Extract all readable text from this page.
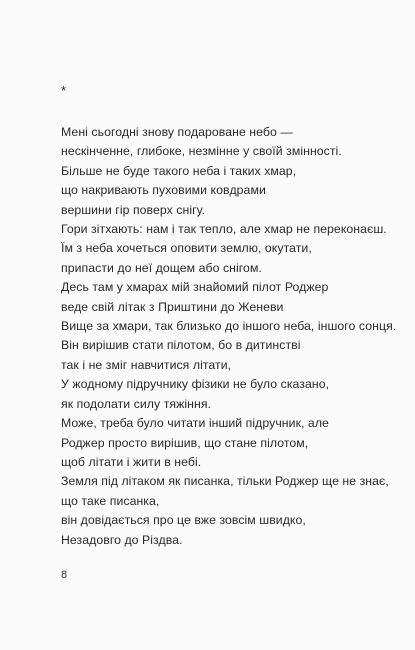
*
Мені сьогодні знову подароване небо —
нескінченне, глибоке, незмінне у своїй змінності.
Більше не буде такого неба і таких хмар,
що накривають пуховими ковдрами
вершини гір поверх снігу.
Гори зітхають: нам і так тепло, але хмар не переконаєш.
Їм з неба хочеться оповити землю, окутати,
припасти до неї дощем або снігом.
Десь там у хмарах мій знайомий пілот Роджер
веде свій літак з Приштини до Женеви
Вище за хмари, так близько до іншого неба, іншого сонця.
Він вирішив стати пілотом, бо в дитинстві
так і не зміг навчитися літати,
У жодному підручнику фізики не було сказано,
як подолати силу тяжіння.
Може, треба було читати інший підручник, але
Роджер просто вирішив, що стане пілотом,
щоб літати і жити в небі.
Земля під літаком як писанка, тільки Роджер ще не знає,
що таке писанка,
він довідається про це вже зовсім швидко,
Незадовго до Різдва.
8
